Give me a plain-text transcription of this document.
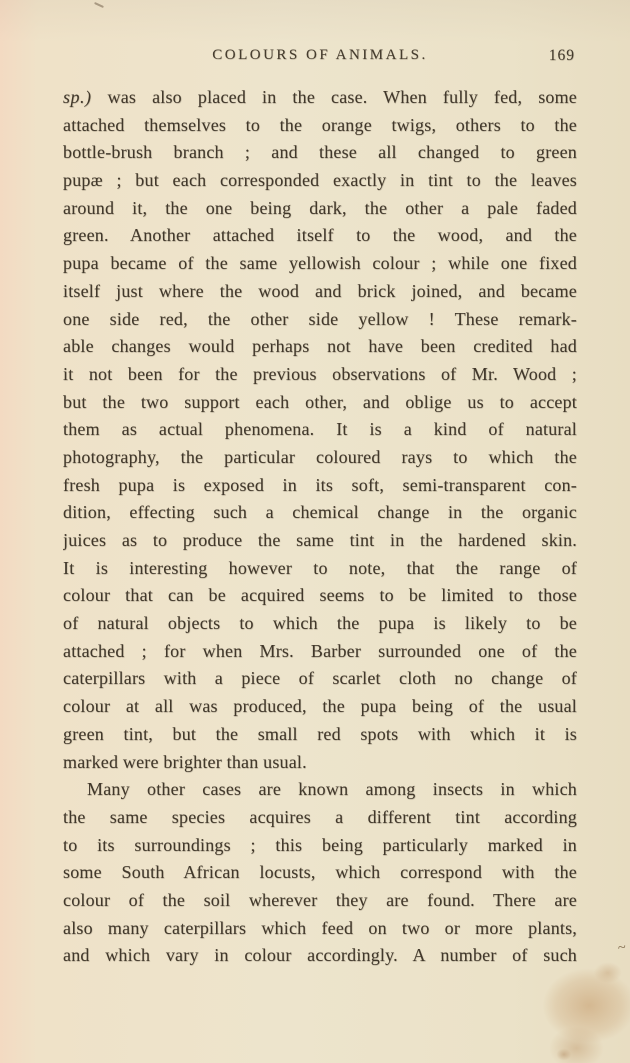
COLOURS OF ANIMALS.	169
sp.) was also placed in the case. When fully fed, some
attached themselves to the orange twigs, others to the
bottle-brush branch ; and these all changed to green
pupæ ; but each corresponded exactly in tint to the leaves
around it, the one being dark, the other a pale faded
green. Another attached itself to the wood, and the
pupa became of the same yellowish colour ; while one fixed
itself just where the wood and brick joined, and became
one side red, the other side yellow ! These remark-
able changes would perhaps not have been credited had
it not been for the previous observations of Mr. Wood ;
but the two support each other, and oblige us to accept
them as actual phenomena. It is a kind of natural
photography, the particular coloured rays to which the
fresh pupa is exposed in its soft, semi-transparent con-
dition, effecting such a chemical change in the organic
juices as to produce the same tint in the hardened skin.
It is interesting however to note, that the range of
colour that can be acquired seems to be limited to those
of natural objects to which the pupa is likely to be
attached ; for when Mrs. Barber surrounded one of the
caterpillars with a piece of scarlet cloth no change of
colour at all was produced, the pupa being of the usual
green tint, but the small red spots with which it is
marked were brighter than usual.
Many other cases are known among insects in which
the same species acquires a different tint according
to its surroundings ; this being particularly marked in
some South African locusts, which correspond with the
colour of the soil wherever they are found. There are
also many caterpillars which feed on two or more plants,
and which vary in colour accordingly. A number of such	~
